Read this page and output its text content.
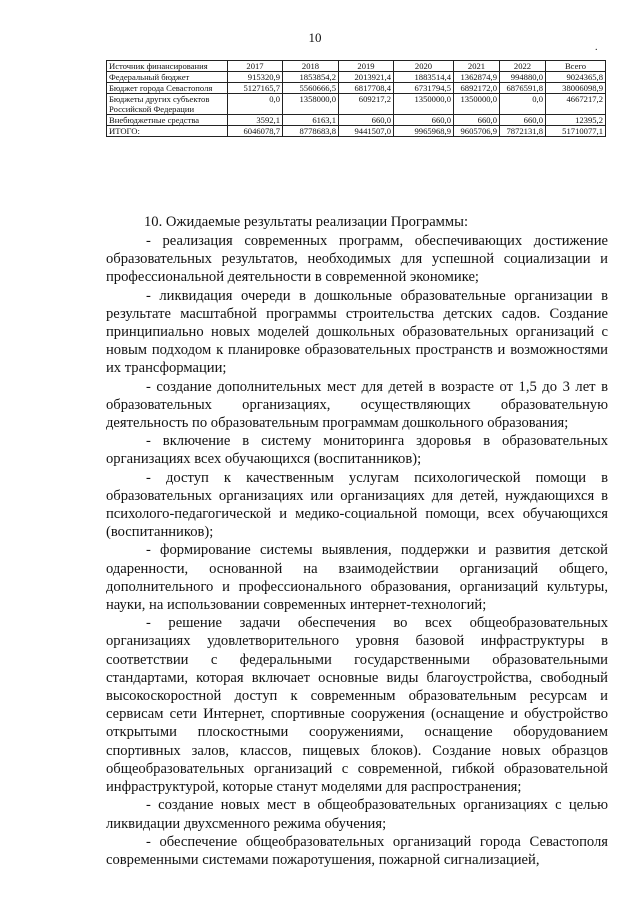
10
.
Источник финансирования	2017	2018	2019	2020	2021	2022	Всего
Федеральный бюджет	915320,9	1853854,2	2013921,4	1883514,4	1362874,9	994880,0	9024365,8
Бюджет города Севастополя	5127165,7	5560666,5	6817708,4	6731794,5	6892172,0	6876591,8	38006098,9
Бюджеты других субъектов Российской Федерации	0,0	1358000,0	609217,2	1350000,0	1350000,0	0,0	4667217,2
Внебюджетные средства	3592,1	6163,1	660,0	660,0	660,0	660,0	12395,2
ИТОГО:	6046078,7	8778683,8	9441507,0	9965968,9	9605706,9	7872131,8	51710077,1
10. Ожидаемые результаты реализации Программы:

- реализация современных программ, обеспечивающих достижение образовательных результатов, необходимых для успешной социализации и профессиональной деятельности в современной экономике;

- ликвидация очереди в дошкольные образовательные организации в результате масштабной программы строительства детских садов. Создание принципиально новых моделей дошкольных образовательных организаций с новым подходом к планировке образовательных пространств и возможностями их трансформации;

- создание дополнительных мест для детей в возрасте от 1,5 до 3 лет в образовательных организациях, осуществляющих образовательную деятельность по образовательным программам дошкольного образования;

- включение в систему мониторинга здоровья в образовательных организациях всех обучающихся (воспитанников);

- доступ к качественным услугам психологической помощи в образовательных организациях или организациях для детей, нуждающихся в психолого-педагогической и медико-социальной помощи, всех обучающихся (воспитанников);

- формирование системы выявления, поддержки и развития детской одаренности, основанной на взаимодействии организаций общего, дополнительного и профессионального образования, организаций культуры, науки, на использовании современных интернет-технологий;

- решение задачи обеспечения во всех общеобразовательных организациях удовлетворительного уровня базовой инфраструктуры в соответствии с федеральными государственными образовательными стандартами, которая включает основные виды благоустройства, свободный высокоскоростной доступ к современным образовательным ресурсам и сервисам сети Интернет, спортивные сооружения (оснащение и обустройство открытыми плоскостными сооружениями, оснащение оборудованием спортивных залов, классов, пищевых блоков). Создание новых образцов общеобразовательных организаций с современной, гибкой образовательной инфраструктурой, которые станут моделями для распространения;

- создание новых мест в общеобразовательных организациях с целью ликвидации двухсменного режима обучения;

- обеспечение общеобразовательных организаций города Севастополя современными системами пожаротушения, пожарной сигнализацией,
